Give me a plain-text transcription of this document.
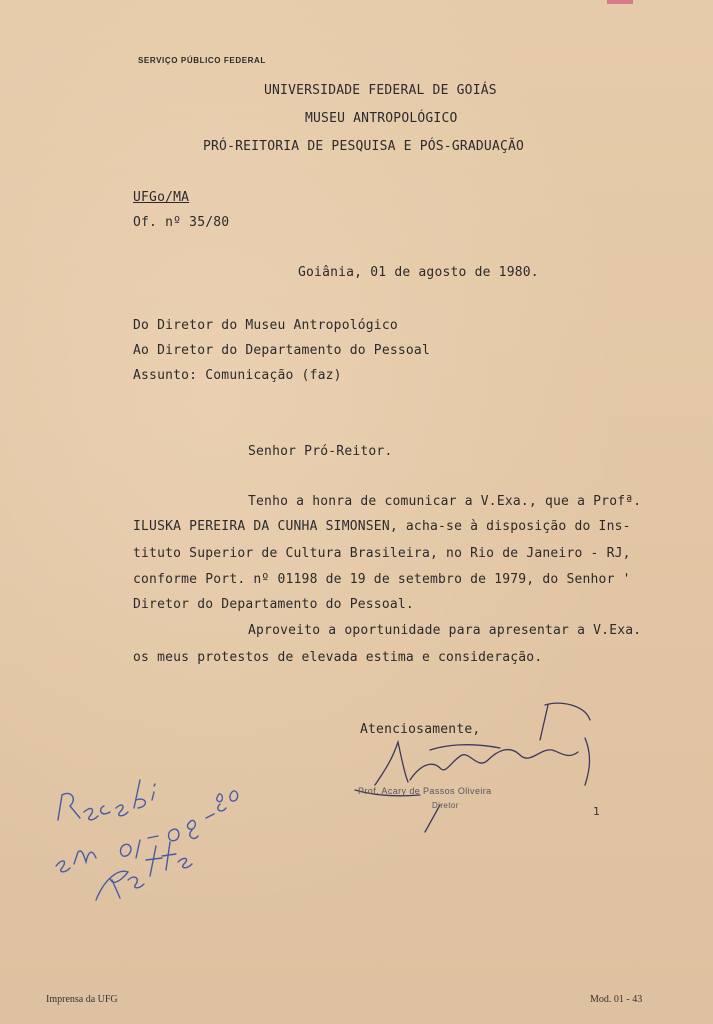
SERVIÇO PÚBLICO FEDERAL
UNIVERSIDADE FEDERAL DE GOIÁS
MUSEU ANTROPOLÓGICO
PRÓ-REITORIA DE PESQUISA E PÓS-GRADUAÇÃO
UFGo/MA
Of. nº 35/80
Goiânia, 01 de agosto de 1980.
Do Diretor do Museu Antropológico
Ao Diretor do Departamento do Pessoal
Assunto: Comunicação (faz)
Senhor Pró-Reitor.
Tenho a honra de comunicar a V.Exa., que a Profª.
ILUSKA PEREIRA DA CUNHA SIMONSEN, acha-se à disposição do Ins-
tituto Superior de Cultura Brasileira, no Rio de Janeiro - RJ,
conforme Port. nº 01198 de 19 de setembro de 1979, do Senhor '
Diretor do Departamento do Pessoal.
Aproveito a oportunidade para apresentar a V.Exa.
os meus protestos de elevada estima e consideração.
Atenciosamente,
1
Prof. Acary de Passos Oliveira
Diretor
Imprensa da UFG	Mod. 01 - 43
